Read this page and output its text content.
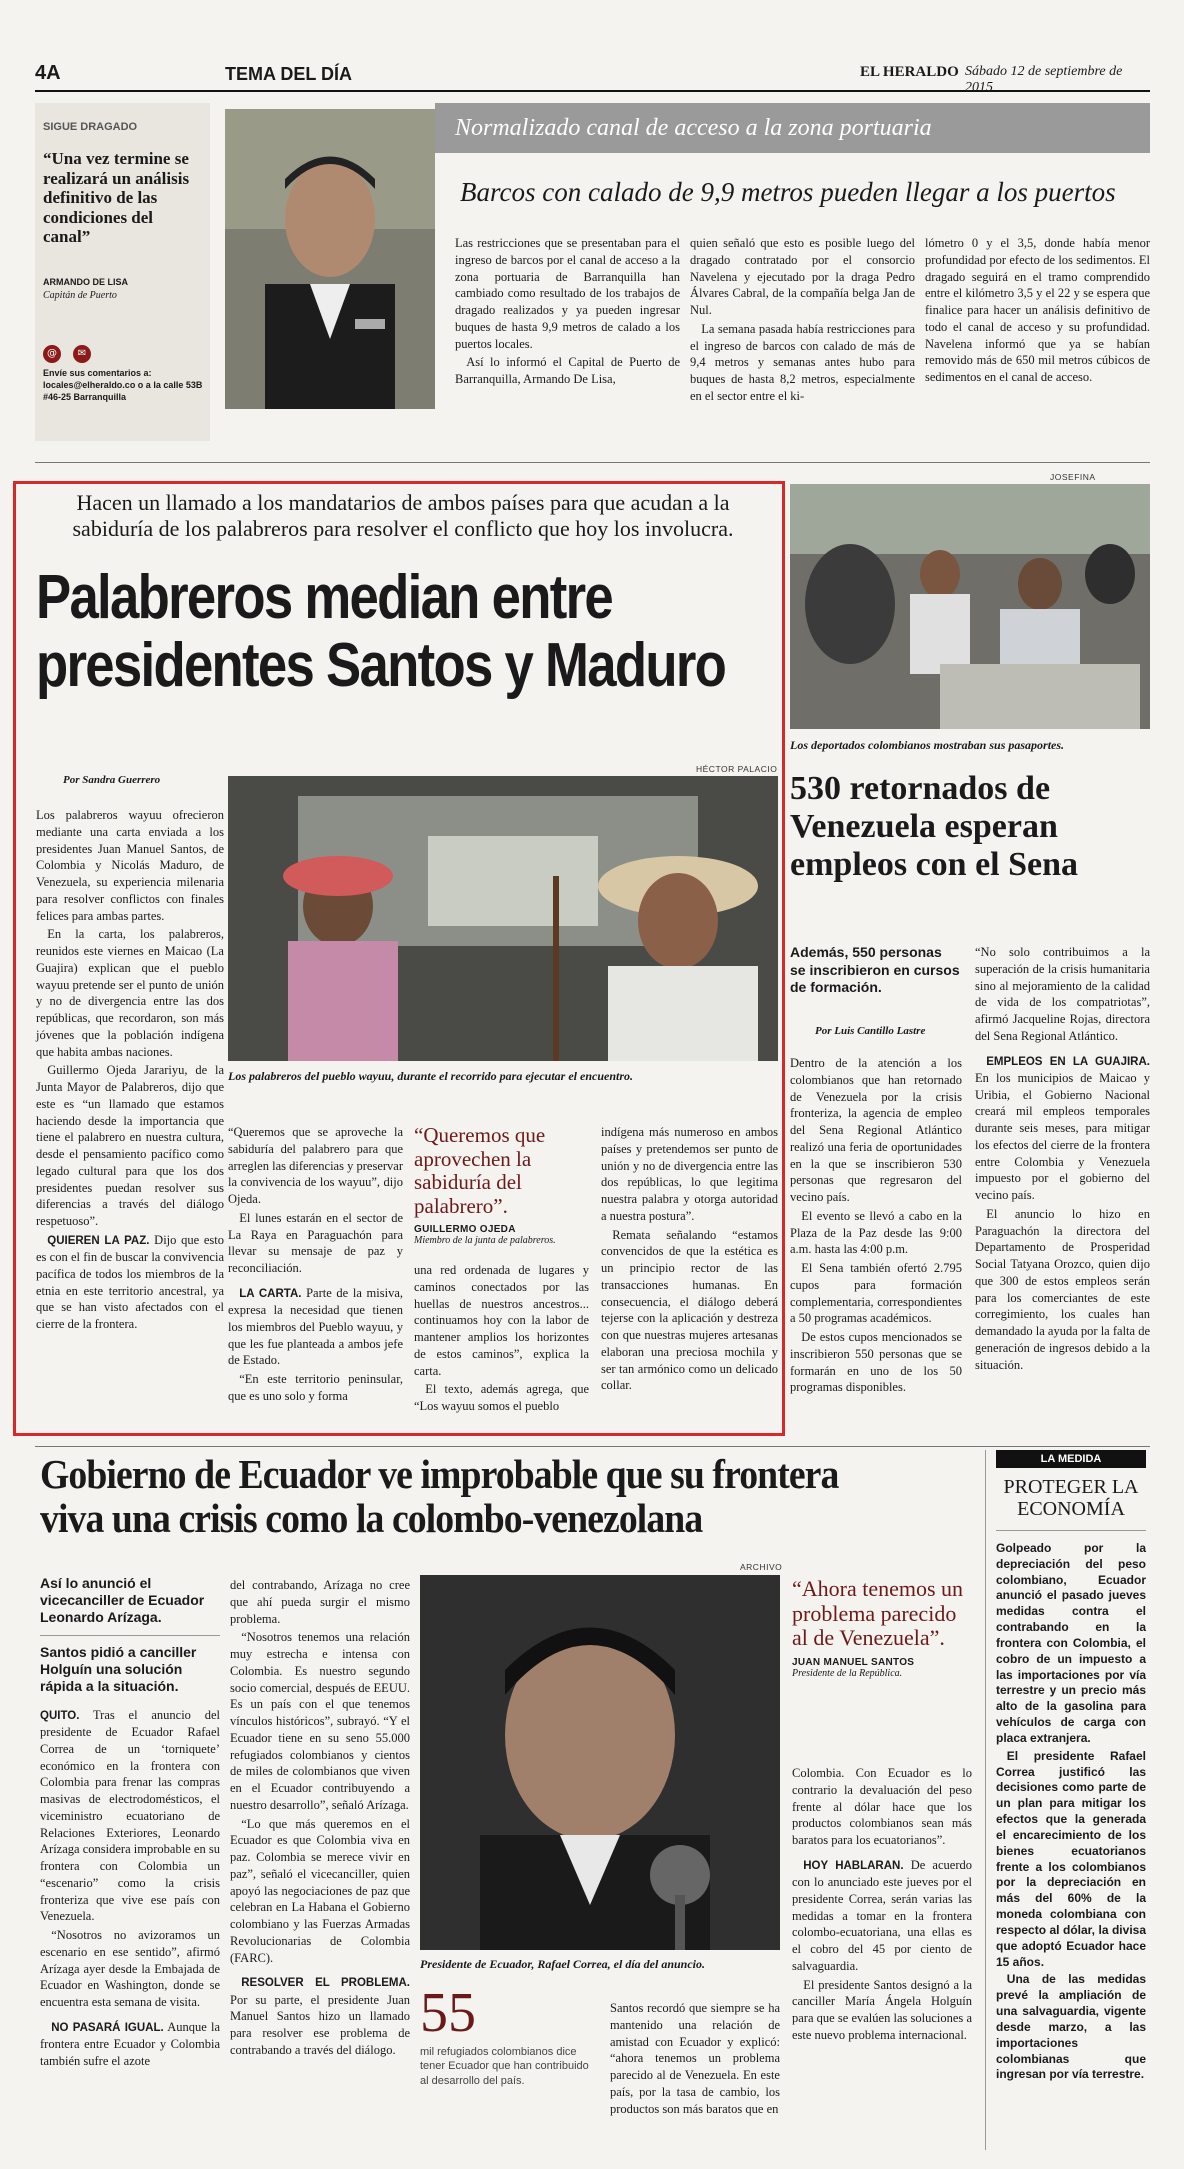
4A	TEMA DEL DÍA	EL HERALDO Sábado 12 de septiembre de 2015
SIGUE DRAGADO
“Una vez termine se realizará un análisis definitivo de las condiciones del canal”
ARMANDO DE LISA
Capitán de Puerto
@ ✉
Envíe sus comentarios a: locales@elheraldo.co o a la calle 53B #46-25 Barranquilla
Normalizado canal de acceso a la zona portuaria
Barcos con calado de 9,9 metros pueden llegar a los puertos

Las restricciones que se presentaban para el ingreso de barcos por el canal de acceso a la zona portuaria de Barranquilla han cambiado como resultado de los trabajos de dragado realizados y ya pueden ingresar buques de hasta 9,9 metros de calado a los puertos locales.

Así lo informó el Capital de Puerto de Barranquilla, Armando De Lisa,

quien señaló que esto es posible luego del dragado contratado por el consorcio Navelena y ejecutado por la draga Pedro Álvares Cabral, de la compañía belga Jan de Nul.

La semana pasada había restricciones para el ingreso de barcos con calado de más de 9,4 metros y semanas antes hubo para buques de hasta 8,2 metros, especialmente en el sector entre el ki-

lómetro 0 y el 3,5, donde había menor profundidad por efecto de los sedimentos. El dragado seguirá en el tramo comprendido entre el kilómetro 3,5 y el 22 y se espera que finalice para hacer un análisis definitivo de todo el canal de acceso y su profundidad. Navelena informó que ya se habían removido más de 650 mil metros cúbicos de sedimentos en el canal de acceso.

Hacen un llamado a los mandatarios de ambos países para que acudan a la sabiduría de los palabreros para resolver el conflicto que hoy los involucra.
Palabreros median entre
presidentes Santos y Maduro
Por Sandra Guerrero

Los palabreros wayuu ofrecieron mediante una carta enviada a los presidentes Juan Manuel Santos, de Colombia y Nicolás Maduro, de Venezuela, su experiencia milenaria para resolver conflictos con finales felices para ambas partes.

En la carta, los palabreros, reunidos este viernes en Maicao (La Guajira) explican que el pueblo wayuu pretende ser el punto de unión y no de divergencia entre las dos repúblicas, que recordaron, son más jóvenes que la población indígena que habita ambas naciones.

Guillermo Ojeda Jarariyu, de la Junta Mayor de Palabreros, dijo que este es “un llamado que estamos haciendo desde la importancia que tiene el palabrero en nuestra cultura, desde el pensamiento pacífico como legado cultural para que los dos presidentes puedan resolver sus diferencias a través del diálogo respetuoso”.

QUIEREN LA PAZ. Dijo que esto es con el fin de buscar la convivencia pacífica de todos los miembros de la etnia en este territorio ancestral, ya que se han visto afectados con el cierre de la frontera.

HÉCTOR PALACIO
Los palabreros del pueblo wayuu, durante el recorrido para ejecutar el encuentro.

“Queremos que se aproveche la sabiduría del palabrero para que arreglen las diferencias y preservar la convivencia de los wayuu”, dijo Ojeda.

El lunes estarán en el sector de La Raya en Paraguachón para llevar su mensaje de paz y reconciliación.

LA CARTA. Parte de la misiva, expresa la necesidad que tienen los miembros del Pueblo wayuu, y que les fue planteada a ambos jefe de Estado.

“En este territorio peninsular, que es uno solo y forma

“Queremos que aprovechen la sabiduría del palabrero”.
GUILLERMO OJEDA
Miembro de la junta de palabreros.

una red ordenada de lugares y caminos conectados por las huellas de nuestros ancestros... continuamos hoy con la labor de mantener amplios los horizontes de estos caminos”, explica la carta.

El texto, además agrega, que “Los wayuu somos el pueblo

indígena más numeroso en ambos países y pretendemos ser punto de unión y no de divergencia entre las dos repúblicas, lo que legitima nuestra palabra y otorga autoridad a nuestra postura”.

Remata señalando “estamos convencidos de que la estética es un principio rector de las transacciones humanas. En consecuencia, el diálogo deberá tejerse con la aplicación y destreza con que nuestras mujeres artesanas elaboran una preciosa mochila y ser tan armónico como un delicado collar.

JOSEFINA
Los deportados colombianos mostraban sus pasaportes.
530 retornados de Venezuela esperan empleos con el Sena
Además, 550 personas se inscribieron en cursos de formación.
Por Luis Cantillo Lastre

Dentro de la atención a los colombianos que han retornado de Venezuela por la crisis fronteriza, la agencia de empleo del Sena Regional Atlántico realizó una feria de oportunidades en la que se inscribieron 530 personas que regresaron del vecino país.

El evento se llevó a cabo en la Plaza de la Paz desde las 9:00 a.m. hasta las 4:00 p.m.

El Sena también ofertó 2.795 cupos para formación complementaria, correspondientes a 50 programas académicos.

De estos cupos mencionados se inscribieron 550 personas que se formarán en uno de los 50 programas disponibles.

“No solo contribuimos a la superación de la crisis humanitaria sino al mejoramiento de la calidad de vida de los compatriotas”, afirmó Jacqueline Rojas, directora del Sena Regional Atlántico.

EMPLEOS EN LA GUAJIRA. En los municipios de Maicao y Uribia, el Gobierno Nacional creará mil empleos temporales durante seis meses, para mitigar los efectos del cierre de la frontera entre Colombia y Venezuela impuesto por el gobierno del vecino país.

El anuncio lo hizo en Paraguachón la directora del Departamento de Prosperidad Social Tatyana Orozco, quien dijo que 300 de estos empleos serán para los comerciantes de este corregimiento, los cuales han demandado la ayuda por la falta de generación de ingresos debido a la situación.

Gobierno de Ecuador ve improbable que su frontera
viva una crisis como la colombo-venezolana
Así lo anunció el vicecanciller de Ecuador Leonardo Arízaga.
Santos pidió a canciller Holguín una solución rápida a la situación.

QUITO. Tras el anuncio del presidente de Ecuador Rafael Correa de un ‘torniquete’ económico en la frontera con Colombia para frenar las compras masivas de electrodomésticos, el viceministro ecuatoriano de Relaciones Exteriores, Leonardo Arízaga considera improbable en su frontera con Colombia un “escenario” como la crisis fronteriza que vive ese país con Venezuela.

“Nosotros no avizoramos un escenario en ese sentido”, afirmó Arízaga ayer desde la Embajada de Ecuador en Washington, donde se encuentra esta semana de visita.

NO PASARÁ IGUAL. Aunque la frontera entre Ecuador y Colombia también sufre el azote

del contrabando, Arízaga no cree que ahí pueda surgir el mismo problema.

“Nosotros tenemos una relación muy estrecha e intensa con Colombia. Es nuestro segundo socio comercial, después de EEUU. Es un país con el que tenemos vínculos históricos”, subrayó. “Y el Ecuador tiene en su seno 55.000 refugiados colombianos y cientos de miles de colombianos que viven en el Ecuador contribuyendo a nuestro desarrollo”, señaló Arízaga.

“Lo que más queremos en el Ecuador es que Colombia viva en paz. Colombia se merece vivir en paz”, señaló el vicecanciller, quien apoyó las negociaciones de paz que celebran en La Habana el Gobierno colombiano y las Fuerzas Armadas Revolucionarias de Colombia (FARC).

RESOLVER EL PROBLEMA. Por su parte, el presidente Juan Manuel Santos hizo un llamado para resolver ese problema de contrabando a través del diálogo.

ARCHIVO
Presidente de Ecuador, Rafael Correa, el día del anuncio.
55
mil refugiados colombianos dice tener Ecuador que han contribuido al desarrollo del país.

Santos recordó que siempre se ha mantenido una relación de amistad con Ecuador y explicó: “ahora tenemos un problema parecido al de Venezuela. En este país, por la tasa de cambio, los productos son más baratos que en

“Ahora tenemos un problema parecido al de Venezuela”.
JUAN MANUEL SANTOS
Presidente de la República.

Colombia. Con Ecuador es lo contrario la devaluación del peso frente al dólar hace que los productos colombianos sean más baratos para los ecuatorianos”.

HOY HABLARAN. De acuerdo con lo anunciado este jueves por el presidente Correa, serán varias las medidas a tomar en la frontera colombo-ecuatoriana, una ellas es el cobro del 45 por ciento de salvaguardia.

El presidente Santos designó a la canciller María Ángela Holguín para que se evalúen las soluciones a este nuevo problema internacional.

LA MEDIDA
PROTEGER LA ECONOMÍA

Golpeado por la depreciación del peso colombiano, Ecuador anunció el pasado jueves medidas contra el contrabando en la frontera con Colombia, el cobro de un impuesto a las importaciones por vía terrestre y un precio más alto de la gasolina para vehículos de carga con placa extranjera.

El presidente Rafael Correa justificó las decisiones como parte de un plan para mitigar los efectos que la generada el encarecimiento de los bienes ecuatorianos frente a los colombianos por la depreciación en más del 60% de la moneda colombiana con respecto al dólar, la divisa que adoptó Ecuador hace 15 años.

Una de las medidas prevé la ampliación de una salvaguardia, vigente desde marzo, a las importaciones colombianas que ingresan por vía terrestre.
